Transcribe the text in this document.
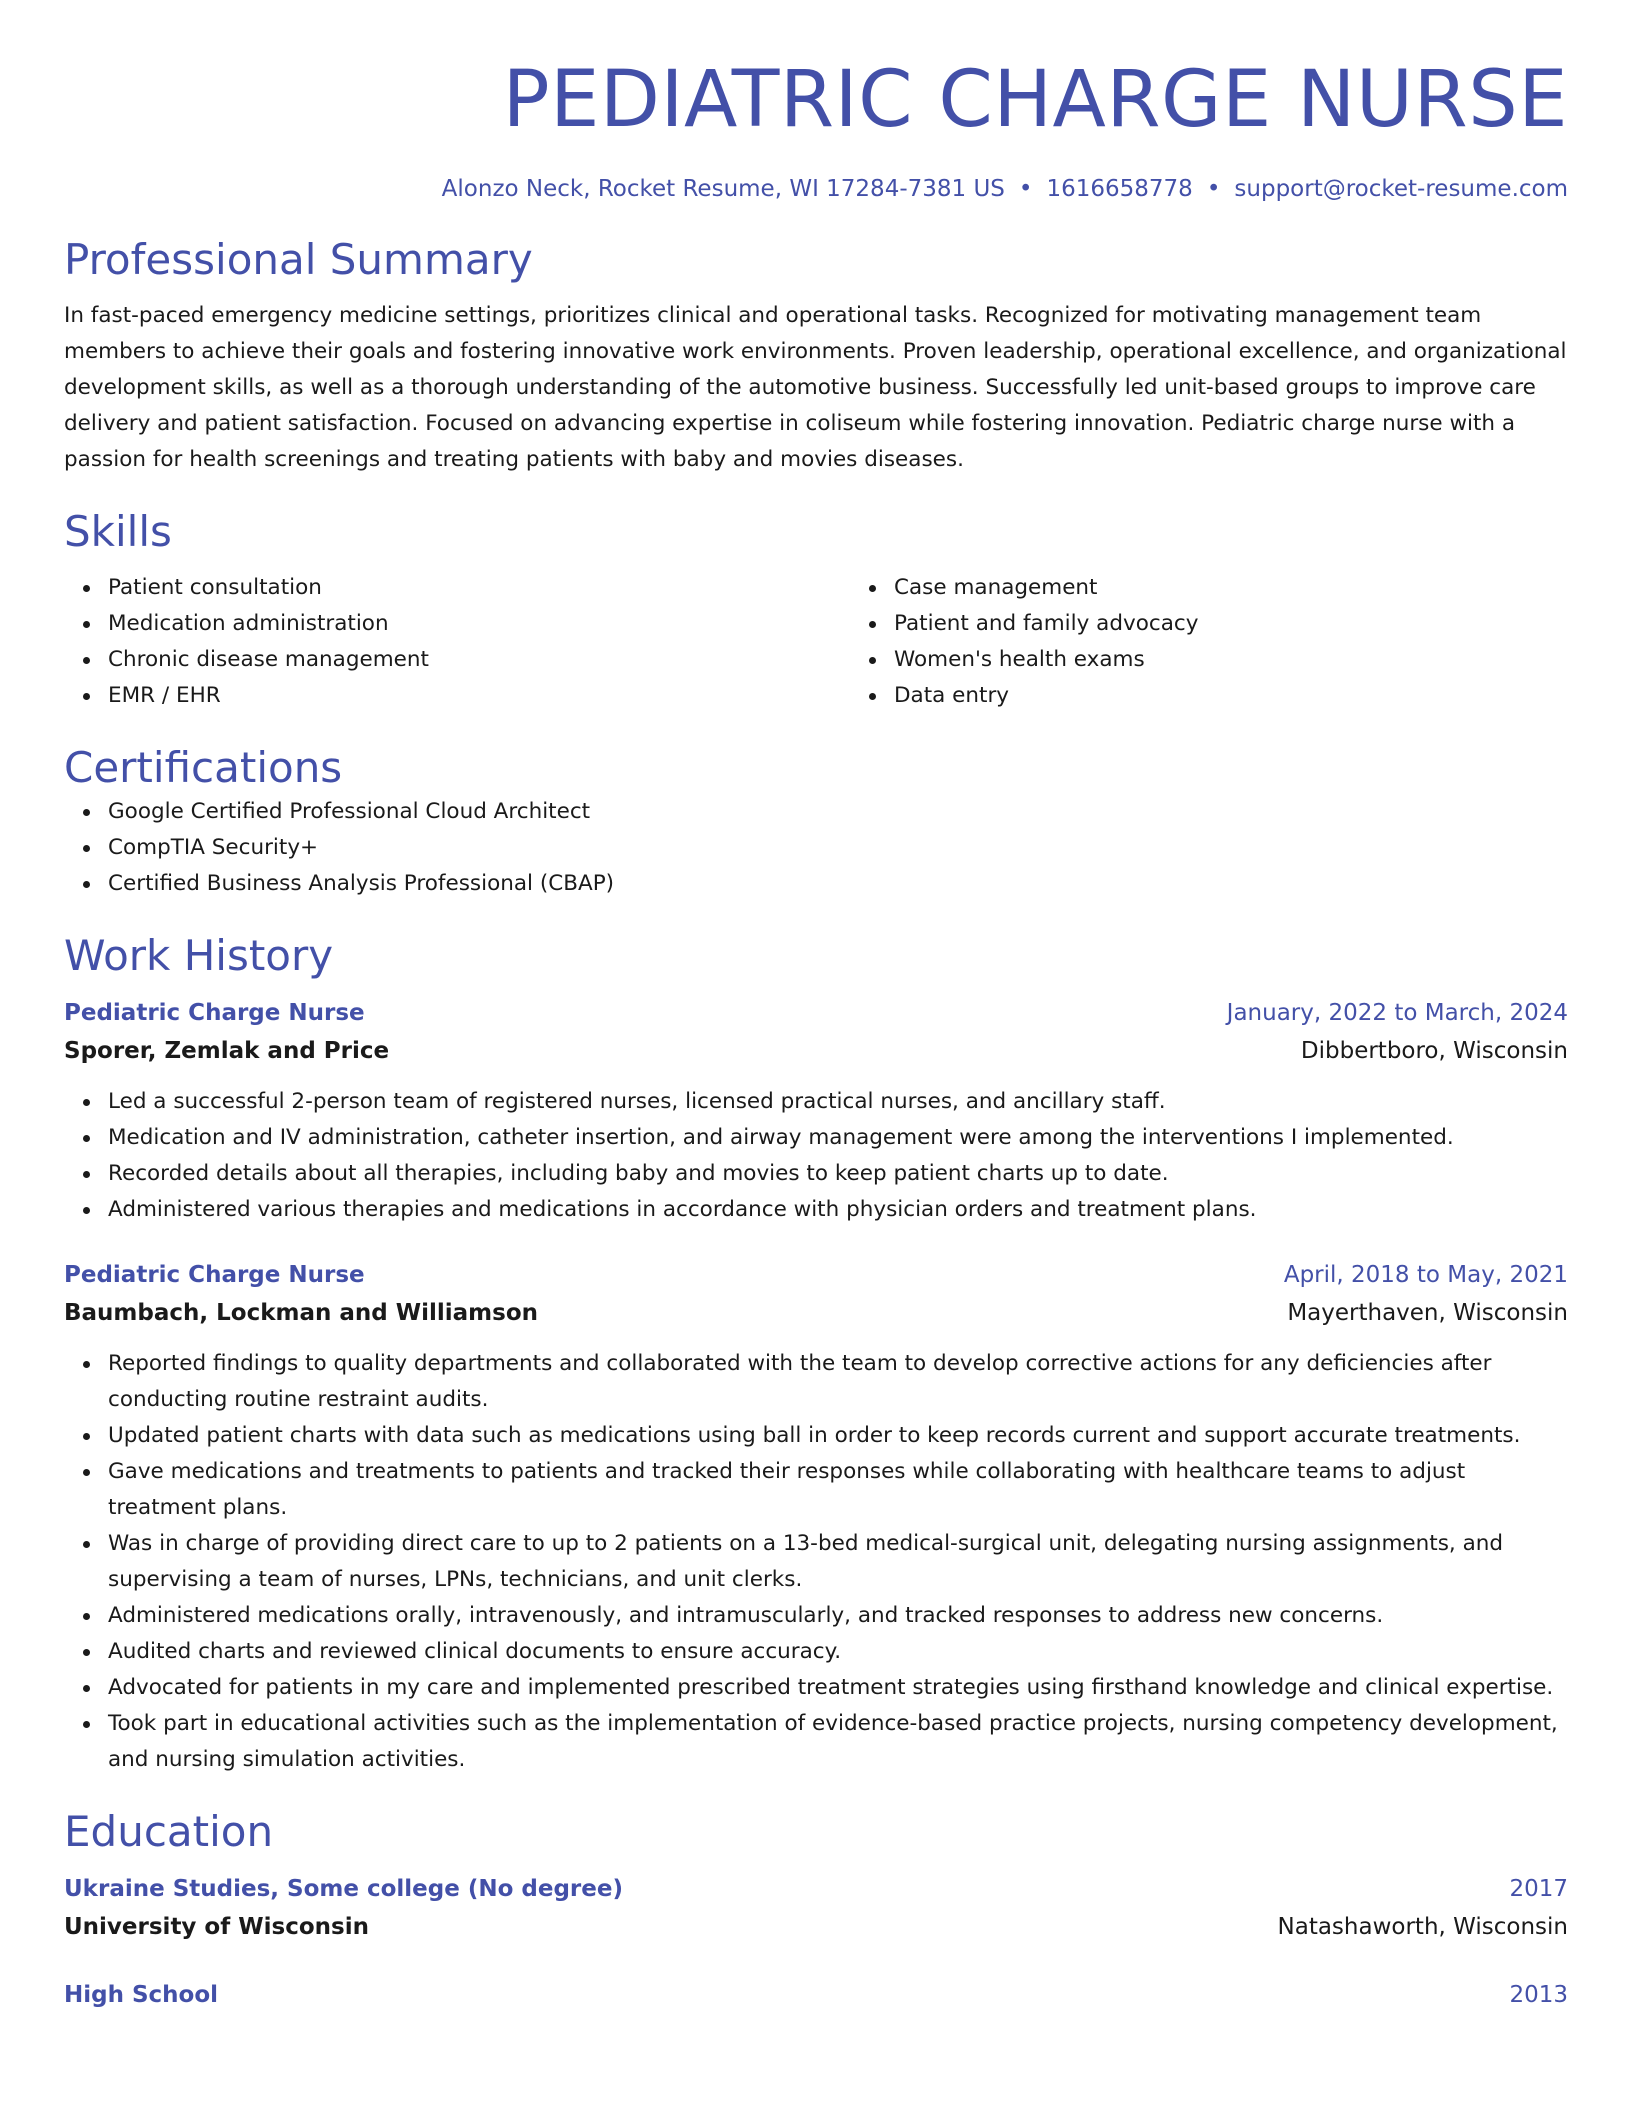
PEDIATRIC CHARGE NURSE
Alonzo Neck, Rocket Resume, WI 17284-7381 US • 1616658778 • support@rocket-resume.com
Professional Summary
In fast-paced emergency medicine settings, prioritizes clinical and operational tasks. Recognized for motivating management team members to achieve their goals and fostering innovative work environments. Proven leadership, operational excellence, and organizational development skills, as well as a thorough understanding of the automotive business. Successfully led unit-based groups to improve care delivery and patient satisfaction. Focused on advancing expertise in coliseum while fostering innovation. Pediatric charge nurse with a passion for health screenings and treating patients with baby and movies diseases.
Skills
Patient consultation
Medication administration
Chronic disease management
EMR / EHR
Case management
Patient and family advocacy
Women's health exams
Data entry
Certifications
Google Certified Professional Cloud Architect
CompTIA Security+
Certified Business Analysis Professional (CBAP)
Work History
Pediatric Charge Nurse	January, 2022 to March, 2024
Sporer, Zemlak and Price	Dibbertboro, Wisconsin
Led a successful 2-person team of registered nurses, licensed practical nurses, and ancillary staff.
Medication and IV administration, catheter insertion, and airway management were among the interventions I implemented.
Recorded details about all therapies, including baby and movies to keep patient charts up to date.
Administered various therapies and medications in accordance with physician orders and treatment plans.
Pediatric Charge Nurse	April, 2018 to May, 2021
Baumbach, Lockman and Williamson	Mayerthaven, Wisconsin
Reported findings to quality departments and collaborated with the team to develop corrective actions for any deficiencies after conducting routine restraint audits.
Updated patient charts with data such as medications using ball in order to keep records current and support accurate treatments.
Gave medications and treatments to patients and tracked their responses while collaborating with healthcare teams to adjust treatment plans.
Was in charge of providing direct care to up to 2 patients on a 13-bed medical-surgical unit, delegating nursing assignments, and supervising a team of nurses, LPNs, technicians, and unit clerks.
Administered medications orally, intravenously, and intramuscularly, and tracked responses to address new concerns.
Audited charts and reviewed clinical documents to ensure accuracy.
Advocated for patients in my care and implemented prescribed treatment strategies using firsthand knowledge and clinical expertise.
Took part in educational activities such as the implementation of evidence-based practice projects, nursing competency development, and nursing simulation activities.
Education
Ukraine Studies, Some college (No degree)	2017
University of Wisconsin	Natashaworth, Wisconsin
High School	2013
